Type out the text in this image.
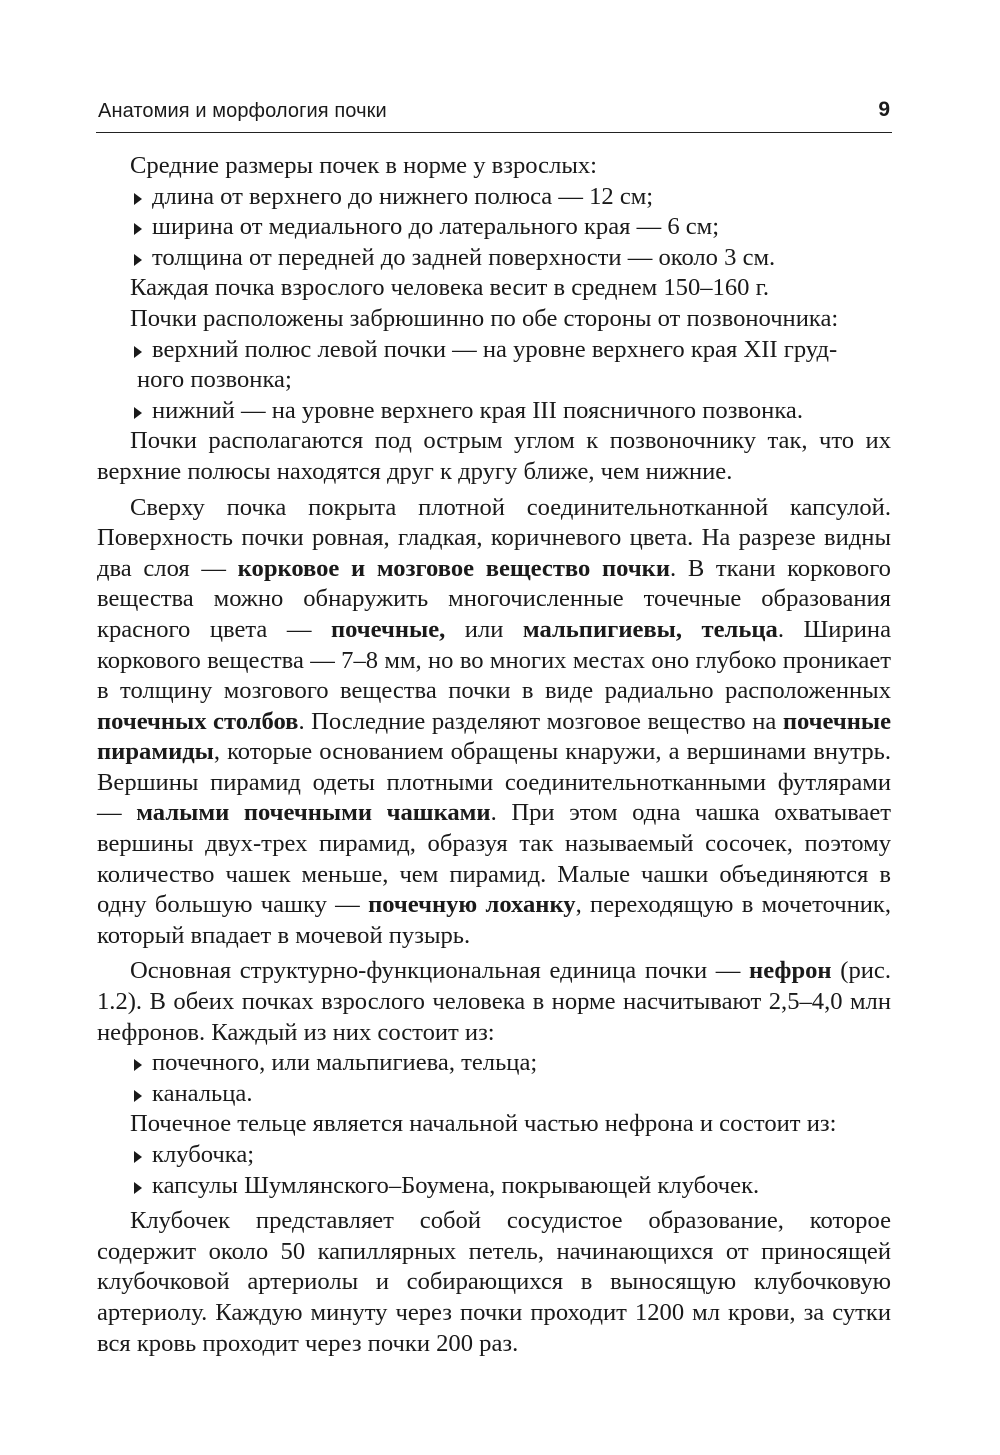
Анатомия и морфология почки	9
Средние размеры почек в норме у взрослых:
длина от верхнего до нижнего полюса — 12 см;
ширина от медиального до латерального края — 6 см;
толщина от передней до задней поверхности — около 3 см.
Каждая почка взрослого человека весит в среднем 150–160 г.
Почки расположены забрюшинно по обе стороны от позвоночника:
верхний полюс левой почки — на уровне верхнего края XII груд-
ного позвонка;
нижний — на уровне верхнего края III поясничного позвонка.
Почки располагаются под острым углом к позвоночнику так, что их верхние полюсы находятся друг к другу ближе, чем нижние.
Сверху почка покрыта плотной соединительнотканной капсулой. Поверхность почки ровная, гладкая, коричневого цвета. На разрезе видны два слоя — корковое и мозговое вещество почки. В ткани коркового вещества можно обнаружить многочисленные точечные образования красного цвета — почечные, или мальпигиевы, тельца. Ширина коркового вещества — 7–8 мм, но во многих местах оно глубоко проникает в толщину мозгового вещества почки в виде радиально расположенных почечных столбов. Последние разделяют мозговое вещество на почечные пирамиды, которые основанием обращены кнаружи, а вершинами внутрь. Вершины пирамид одеты плотными соединительнотканными футлярами — малыми почечными чашками. При этом одна чашка охватывает вершины двух-трех пирамид, образуя так называемый сосочек, поэтому количество чашек меньше, чем пирамид. Малые чашки объединяются в одну большую чашку — почечную лоханку, переходящую в мочеточник, который впадает в мочевой пузырь.
Основная структурно-функциональная единица почки — нефрон (рис. 1.2). В обеих почках взрослого человека в норме насчитывают 2,5–4,0 млн нефронов. Каждый из них состоит из:
почечного, или мальпигиева, тельца;
канальца.
Почечное тельце является начальной частью нефрона и состоит из:
клубочка;
капсулы Шумлянского–Боумена, покрывающей клубочек.
Клубочек представляет собой сосудистое образование, которое содержит около 50 капиллярных петель, начинающихся от приносящей клубочковой артериолы и собирающихся в выносящую клубочковую артериолу. Каждую минуту через почки проходит 1200 мл крови, за сутки вся кровь проходит через почки 200 раз.
